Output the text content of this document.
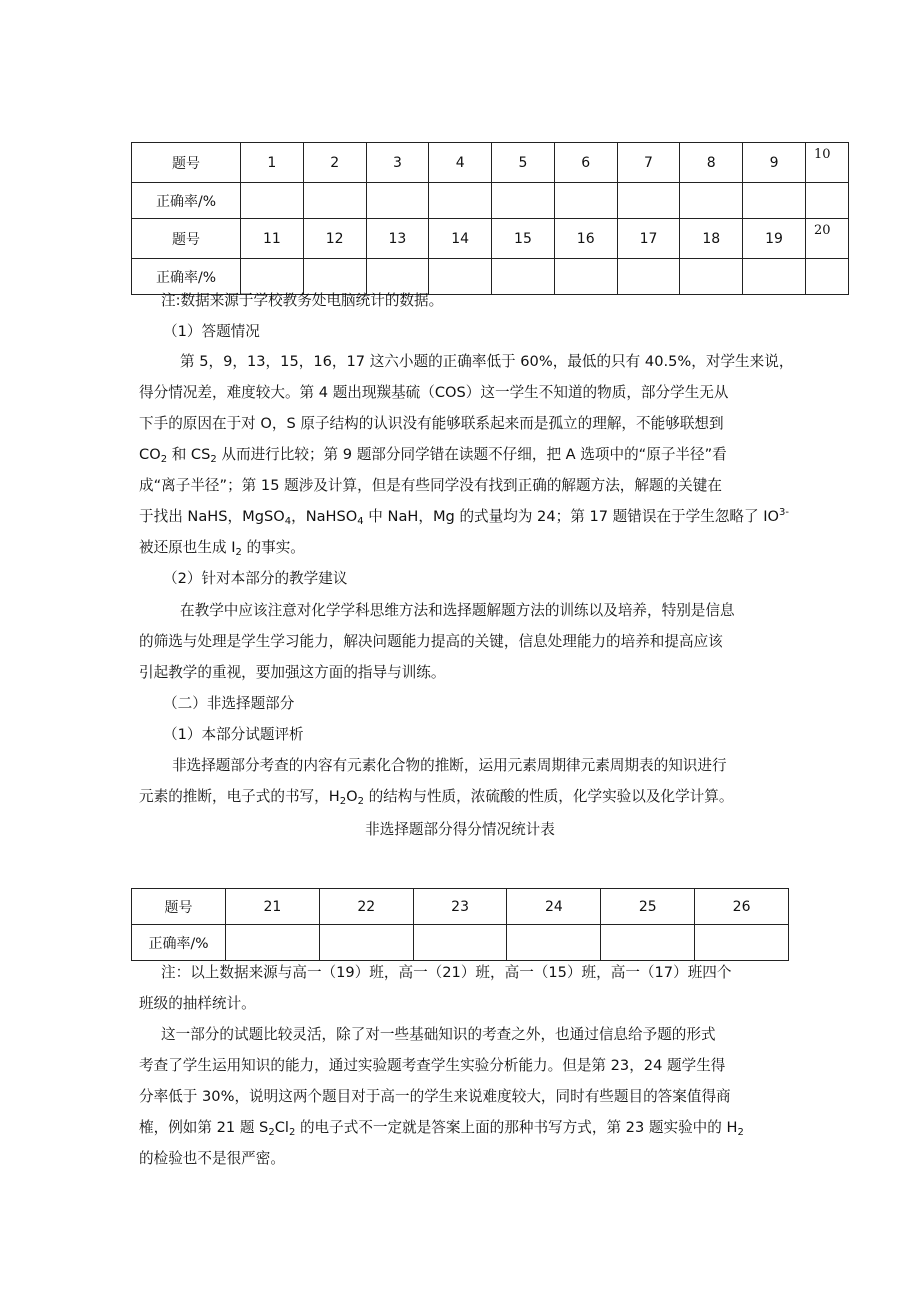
题号	1	2	3	4	5	6	7	8	9	10
正确率/%										
题号	11	12	13	14	15	16	17	18	19	20
正确率/%										
注:数据来源于学校教务处电脑统计的数据。
（1）答题情况
第 5，9，13，15，16，17 这六小题的正确率低于 60%，最低的只有 40.5%，对学生来说，
得分情况差，难度较大。第 4 题出现羰基硫（COS）这一学生不知道的物质，部分学生无从
下手的原因在于对 O，S 原子结构的认识没有能够联系起来而是孤立的理解，不能够联想到
$CO_2$ 和 $CS_2$ 从而进行比较；第 9 题部分同学错在读题不仔细，把 A 选项中的“原子半径”看
成“离子半径”；第 15 题涉及计算，但是有些同学没有找到正确的解题方法，解题的关键在
于找出 NaHS，MgSO$_4$，NaHSO$_4$ 中 NaH，Mg 的式量均为 24；第 17 题错误在于学生忽略了 $IO^{3-}$
被还原也生成 $I_2$ 的事实。
（2）针对本部分的教学建议
在教学中应该注意对化学学科思维方法和选择题解题方法的训练以及培养，特别是信息
的筛选与处理是学生学习能力，解决问题能力提高的关键，信息处理能力的培养和提高应该
引起教学的重视，要加强这方面的指导与训练。
（二）非选择题部分
（1）本部分试题评析
非选择题部分考查的内容有元素化合物的推断，运用元素周期律元素周期表的知识进行
元素的推断，电子式的书写，$H_2O_2$ 的结构与性质，浓硫酸的性质，化学实验以及化学计算。
非选择题部分得分情况统计表
题号	21	22	23	24	25	26
正确率/%						
注：以上数据来源与高一（19）班，高一（21）班，高一（15）班，高一（17）班四个
班级的抽样统计。
这一部分的试题比较灵活，除了对一些基础知识的考查之外，也通过信息给予题的形式
考查了学生运用知识的能力，通过实验题考查学生实验分析能力。但是第 23，24 题学生得
分率低于 30%，说明这两个题目对于高一的学生来说难度较大，同时有些题目的答案值得商
榷，例如第 21 题 $S_2Cl_2$ 的电子式不一定就是答案上面的那种书写方式，第 23 题实验中的 $H_2$
的检验也不是很严密。
